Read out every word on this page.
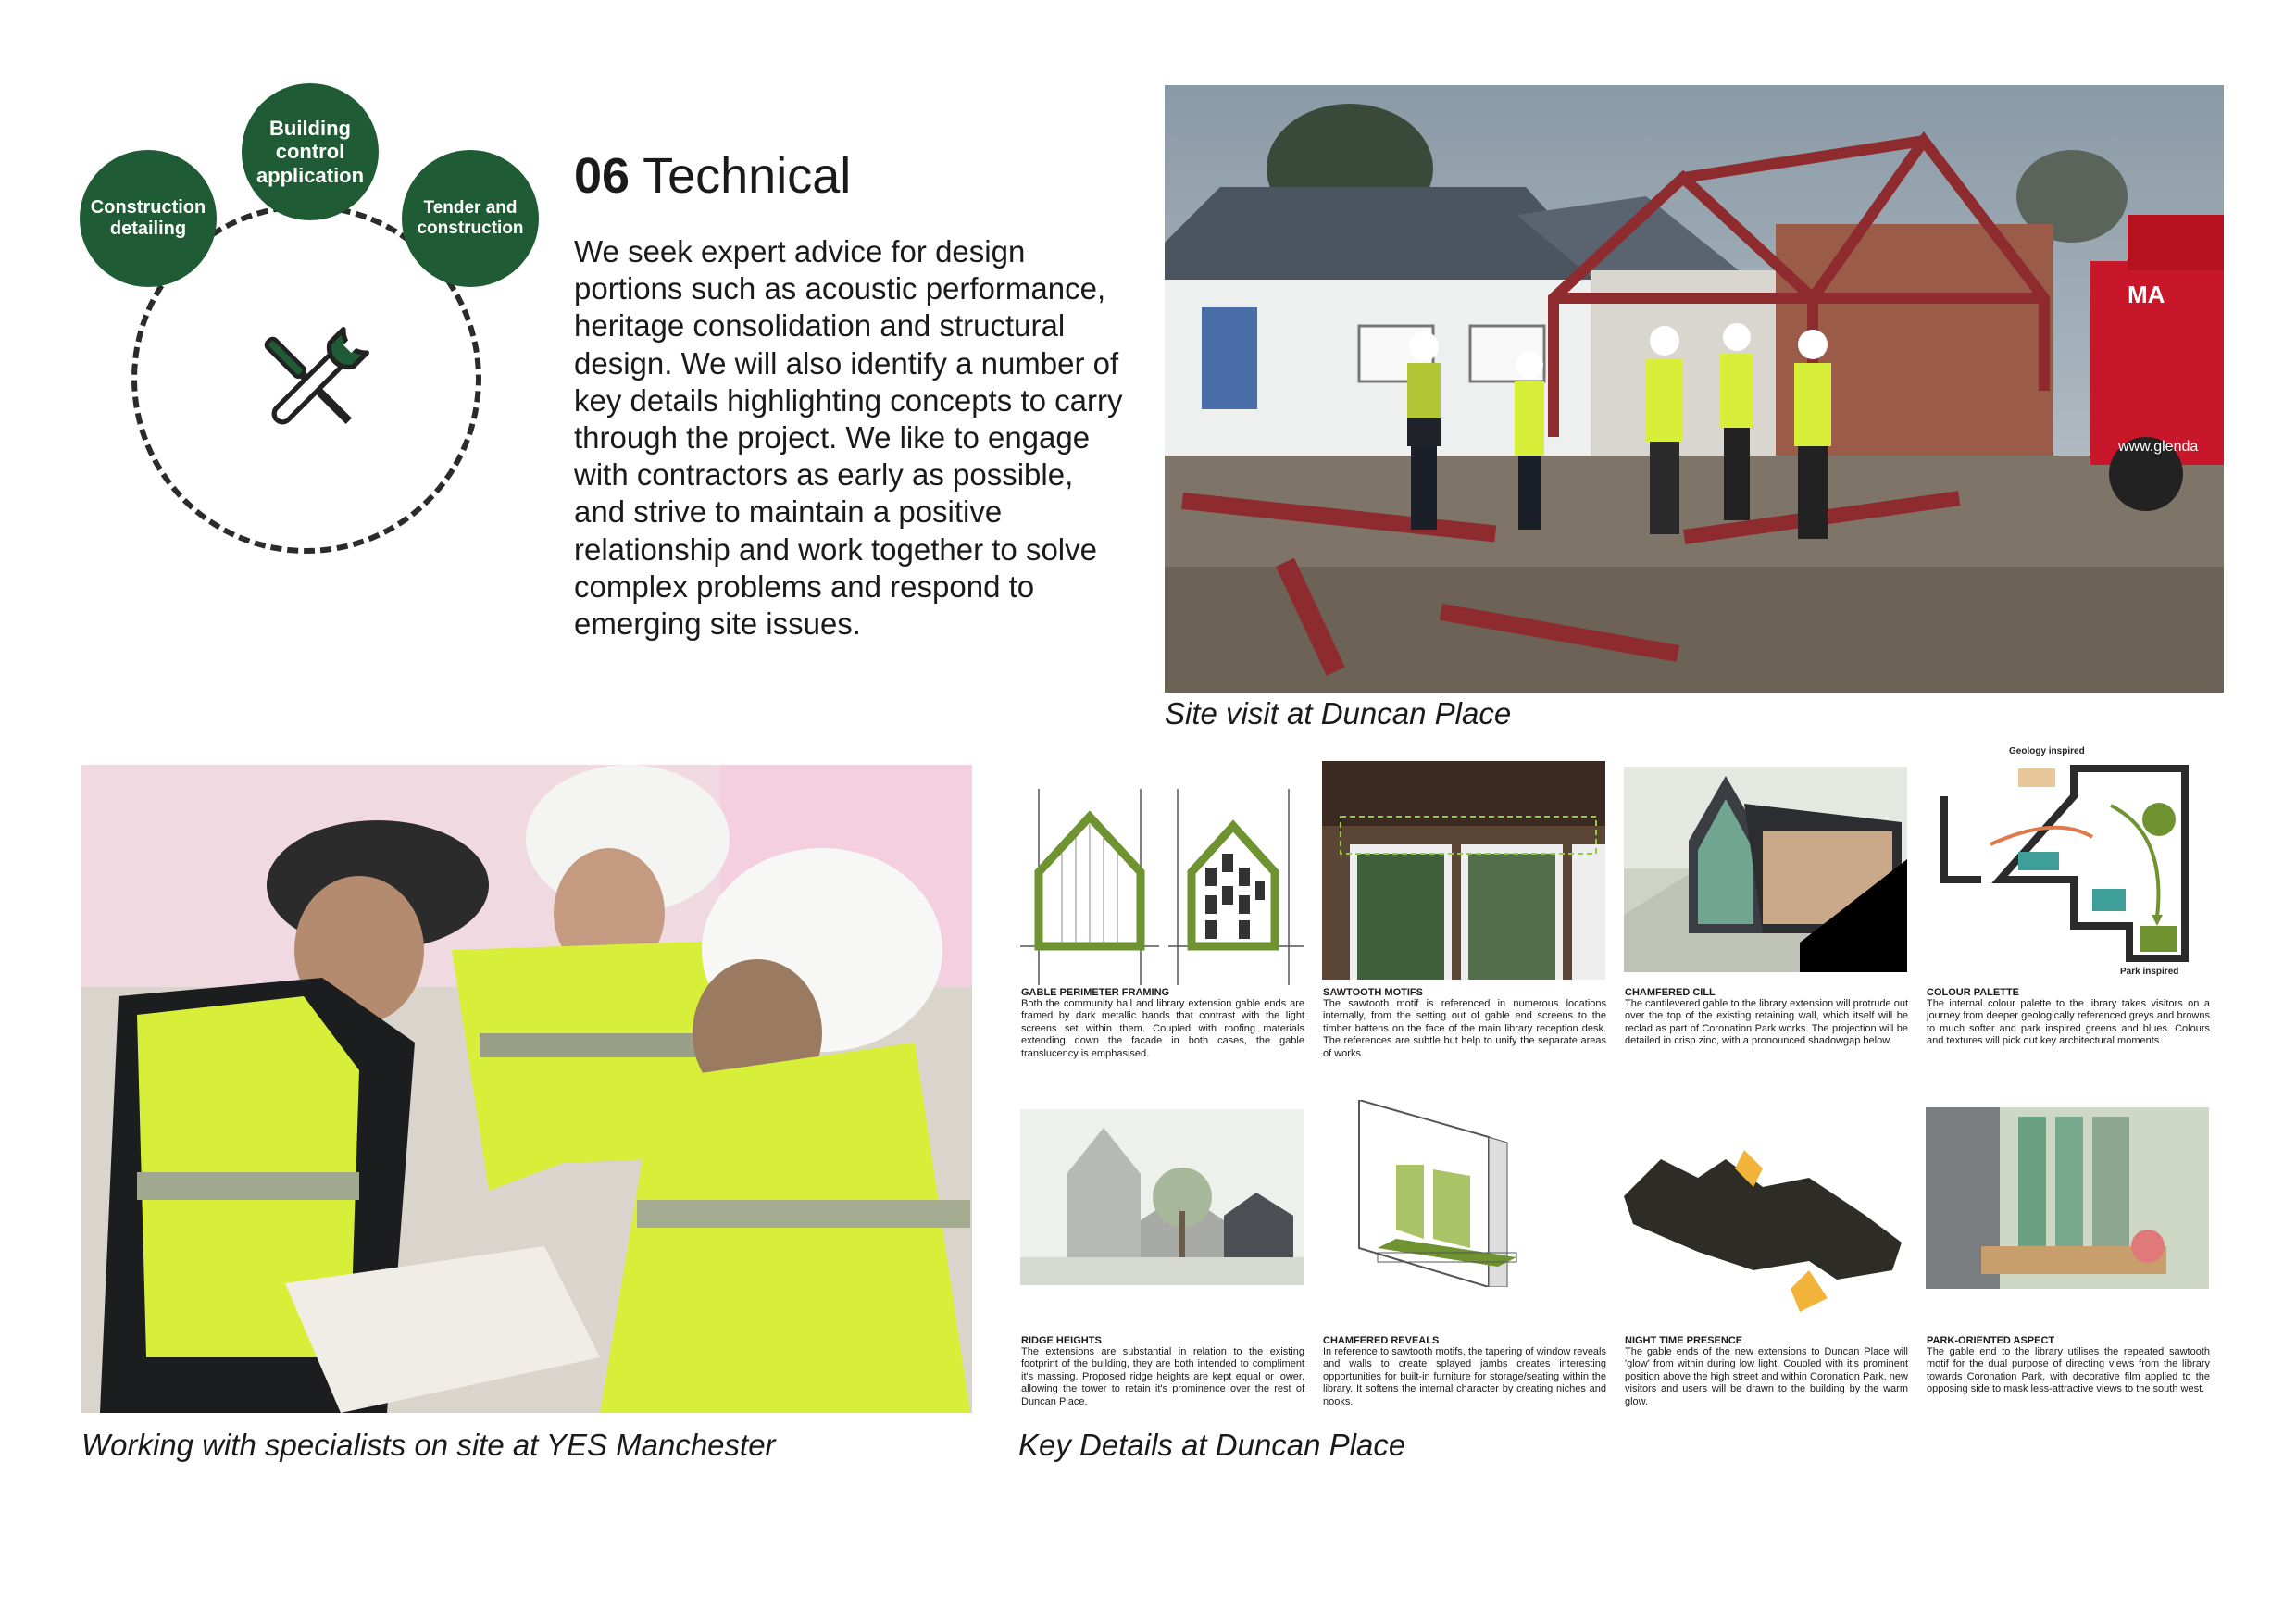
Building
control
application
Construction
detailing
Tender and
construction
06 Technical
We seek expert advice for design portions such as acoustic performance, heritage consolidation and structural design. We will also identify a number of key details highlighting concepts to carry through the project. We like to engage with contractors as early as possible, and strive to maintain a positive relationship and work together to solve complex problems and respond to emerging site issues.
MA
www.glenda
Site visit at Duncan Place
Working with specialists on site at YES Manchester
Geology inspired
Park inspired
GABLE PERIMETER FRAMING
Both the community hall and library extension gable ends are framed by dark metallic bands that contrast with the light screens set within them. Coupled with roofing materials extending down the facade in both cases, the gable translucency is emphasised.
SAWTOOTH MOTIFS
The sawtooth motif is referenced in numerous locations internally, from the setting out of gable end screens to the timber battens on the face of the main library reception desk. The references are subtle but help to unify the separate areas of works.
CHAMFERED CILL
The cantilevered gable to the library extension will protrude out over the top of the existing retaining wall, which itself will be reclad as part of Coronation Park works. The projection will be detailed in crisp zinc, with a pronounced shadowgap below.
COLOUR PALETTE
The internal colour palette to the library takes visitors on a journey from deeper geologically referenced greys and browns to much softer and park inspired greens and blues. Colours and textures will pick out key architectural moments
RIDGE HEIGHTS
The extensions are substantial in relation to the existing footprint of the building, they are both intended to compliment it's massing. Proposed ridge heights are kept equal or lower, allowing the tower to retain it's prominence over the rest of Duncan Place.
CHAMFERED REVEALS
In reference to sawtooth motifs, the tapering of window reveals and walls to create splayed jambs creates interesting opportunities for built-in furniture for storage/seating within the library. It softens the internal character by creating niches and nooks.
NIGHT TIME PRESENCE
The gable ends of the new extensions to Duncan Place will 'glow' from within during low light. Coupled with it's prominent position above the high street and within Coronation Park, new visitors and users will be drawn to the building by the warm glow.
PARK-ORIENTED ASPECT
The gable end to the library utilises the repeated sawtooth motif for the dual purpose of directing views from the library towards Coronation Park, with decorative film applied to the opposing side to mask less-attractive views to the south west.
Key Details at Duncan Place
